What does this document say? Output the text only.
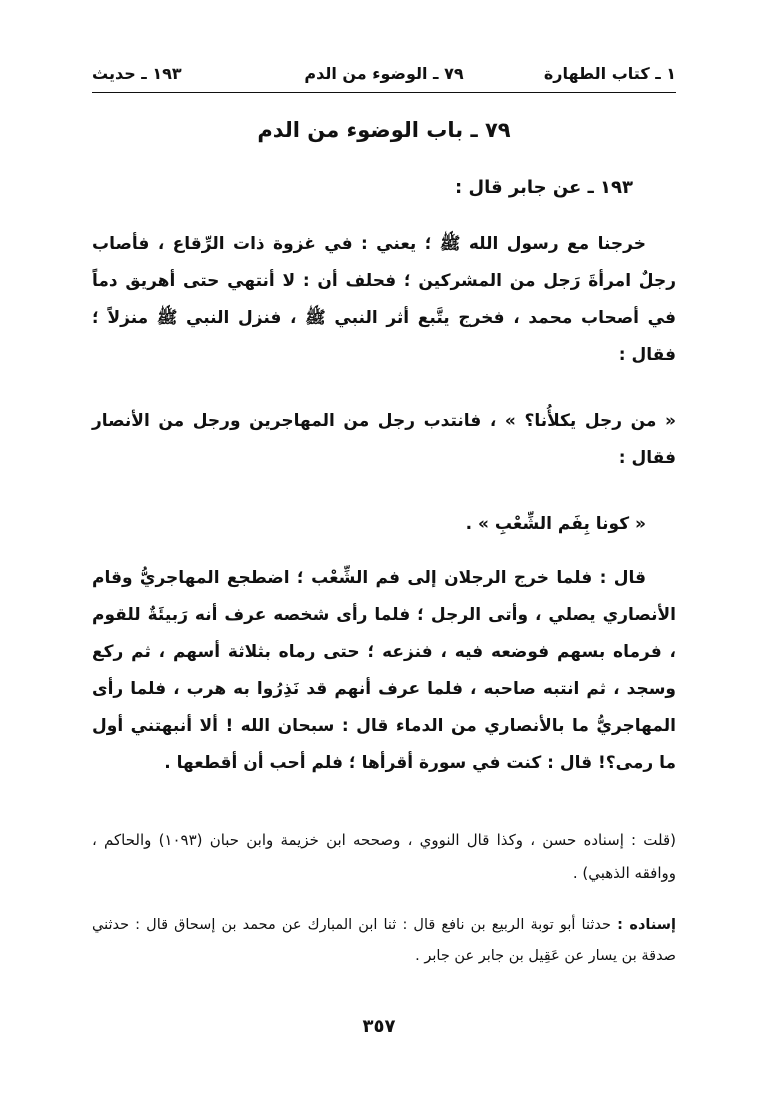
١ ـ كتاب الطهارة
٧٩ ـ الوضوء من الدم
١٩٣ ـ حديث
٧٩ ـ باب الوضوء من الدم
١٩٣ ـ عن جابر قال :

خرجنا مع رسول الله ﷺ ؛ يعني : في غزوة ذات الرِّقاع ، فأصاب رجلٌ امرأةَ رَجل من المشركين ؛ فحلف أن : لا أنتهي حتى أهريق دماً في أصحاب محمد ، فخرج يتَّبع أثر النبي ﷺ ، فنزل النبي ﷺ منزلاً ؛ فقال :

« من رجل يكلأُنا؟ » ، فانتدب رجل من المهاجرين ورجل من الأنصار فقال :

« كونا بِفَم الشِّعْبِ » .

قال : فلما خرج الرجلان إلى فم الشِّعْب ؛ اضطجع المهاجريُّ وقام الأنصاري يصلي ، وأتى الرجل ؛ فلما رأى شخصه عرف أنه رَبيئَةٌ للقوم ، فرماه بسهم فوضعه فيه ، فنزعه ؛ حتى رماه بثلاثة أسهم ، ثم ركع وسجد ، ثم انتبه صاحبه ، فلما عرف أنهم قد نَذِرُوا به هرب ، فلما رأى المهاجريُّ ما بالأنصاري من الدماء قال : سبحان الله ! ألا أنبهتني أول ما رمى؟! قال : كنت في سورة أقرأها ؛ فلم أحب أن أقطعها .

(قلت : إسناده حسن ، وكذا قال النووي ، وصححه ابن خزيمة وابن حبان (١٠٩٣) والحاكم ، ووافقه الذهبي) .

إسناده : حدثنا أبو توبة الربيع بن نافع قال : ثنا ابن المبارك عن محمد بن إسحاق قال : حدثني صدقة بن يسار عن عَقِيل بن جابر عن جابر .

٣٥٧
